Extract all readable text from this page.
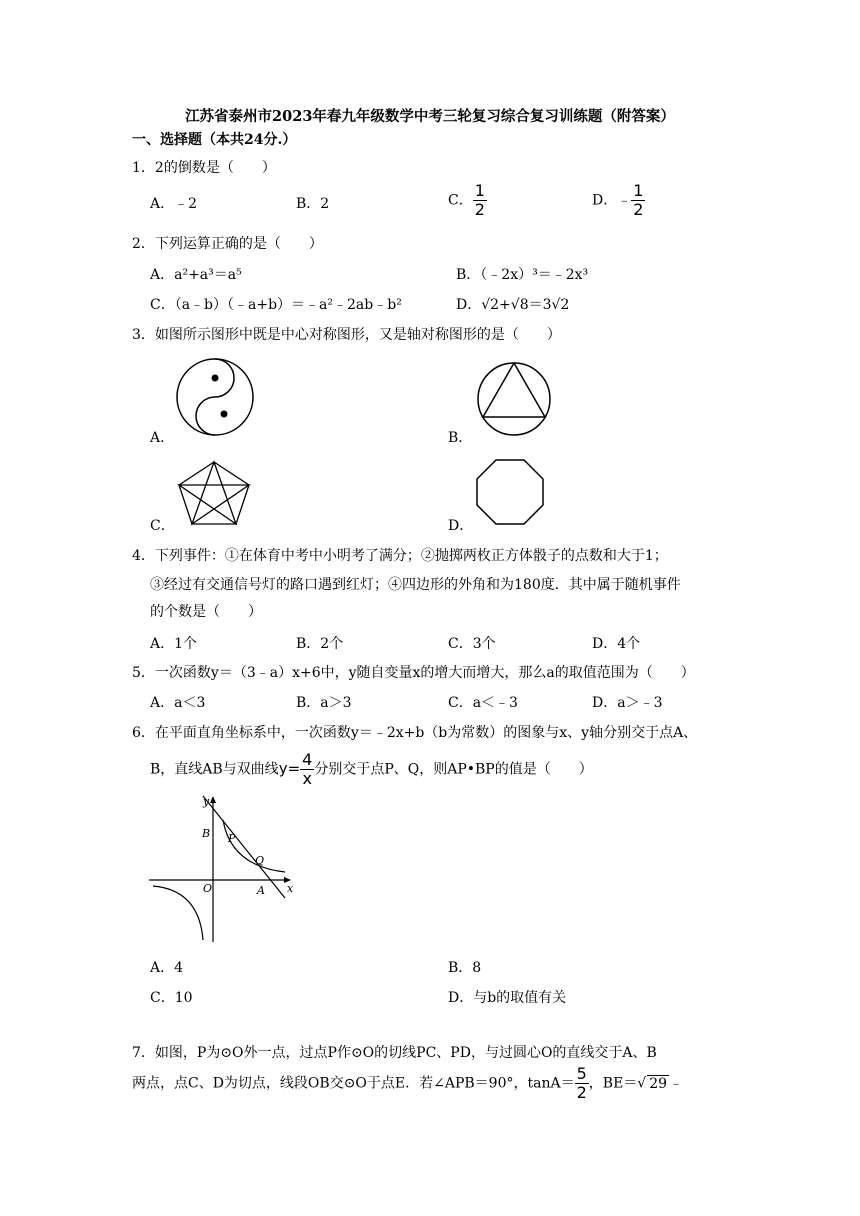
江苏省泰州市2023年春九年级数学中考三轮复习综合复习训练题（附答案）
一、选择题（本共24分.）
1．2的倒数是（　　）
A．﹣2	B．2	C． $\frac{1}{2}$	D．﹣ $\frac{1}{2}$
2．下列运算正确的是（　　）
A．a²+a³＝a⁵	B．（﹣2x）³＝﹣2x³
C．（a﹣b）（﹣a+b）＝﹣a²﹣2ab﹣b²	D．√2+√8＝3√2
3．如图所示图形中既是中心对称图形，又是轴对称图形的是（　　）
A．	B．
C．	D．
4．下列事件：①在体育中考中小明考了满分；②抛掷两枚正方体骰子的点数和大于1；
③经过有交通信号灯的路口遇到红灯；④四边形的外角和为180度．其中属于随机事件
的个数是（　　）
A．1个	B．2个	C．3个	D．4个
5．一次函数y＝（3﹣a）x+6中，y随自变量x的增大而增大，那么a的取值范围为（　　）
A．a＜3	B．a＞3	C．a＜﹣3	D．a＞﹣3
6．在平面直角坐标系中，一次函数y＝﹣2x+b（b为常数）的图象与x、y轴分别交于点A、
B，直线AB与双曲线$y= \frac{4}{x}$ 分别交于点P、Q，则AP•BP的值是（　　）
y
x
O	A
B P
Q
A．4	B．8
C．10	D．与b的取值有关
7．如图，P为⊙O外一点，过点P作⊙O的切线PC、PD，与过圆心O的直线交于A、B
两点，点C、D为切点，线段OB交⊙O于点E．若∠APB＝90°，$\tan A= \frac{5}{2}$ ，BE＝√ 29 ﹣
